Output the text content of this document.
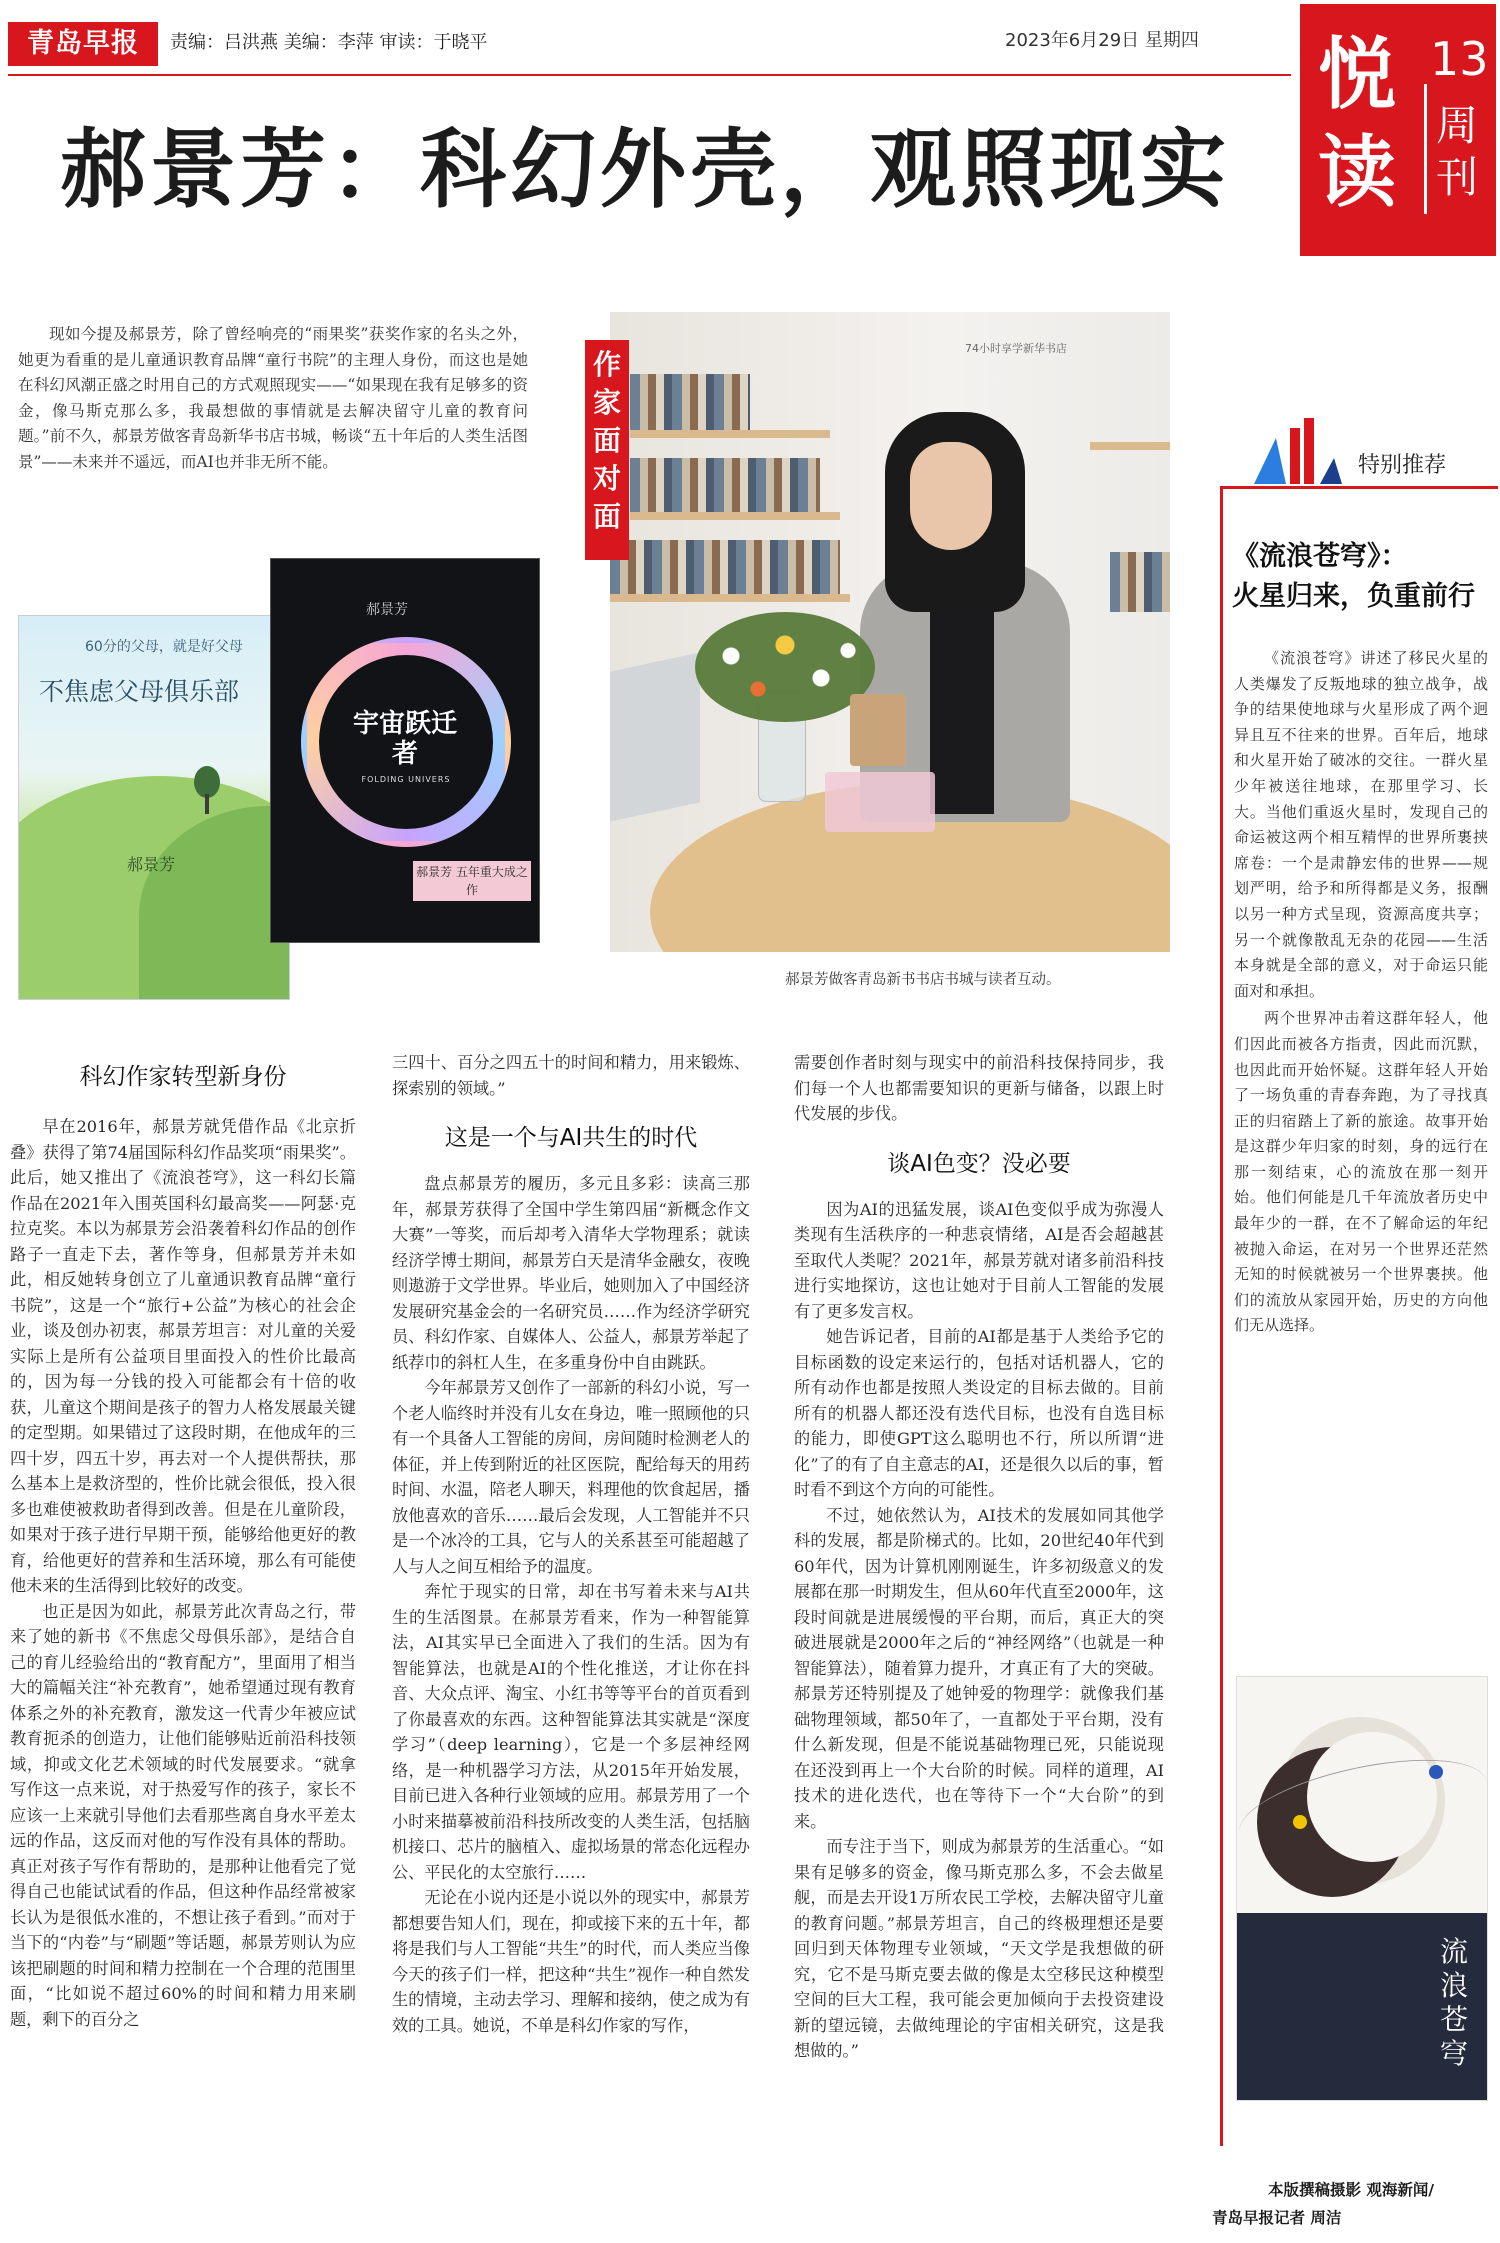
青岛早报	责编：吕洪燕 美编：李萍 审读：于晓平	2023年6月29日 星期四 悦读
13
周刊
郝景芳：科幻外壳，观照现实
现如今提及郝景芳，除了曾经响亮的“雨果奖”获奖作家的名头之外，她更为看重的是儿童通识教育品牌“童行书院”的主理人身份，而这也是她在科幻风潮正盛之时用自己的方式观照现实——“如果现在我有足够多的资金，像马斯克那么多，我最想做的事情就是去解决留守儿童的教育问题。”前不久，郝景芳做客青岛新华书店书城，畅谈“五十年后的人类生活图景”——未来并不遥远，而AI也并非无所不能。
60分的父母，就是好父母
不焦虑父母俱乐部
郝景芳
郝景芳
宇宙跃迁者
FOLDING UNIVERS
郝景芳 五年重大成之作
74小时享学新华书店
作家面对面
郝景芳做客青岛新书书店书城与读者互动。
特别推荐
《流浪苍穹》：
火星归来，负重前行

《流浪苍穹》讲述了移民火星的人类爆发了反叛地球的独立战争，战争的结果使地球与火星形成了两个迥异且互不往来的世界。百年后，地球和火星开始了破冰的交往。一群火星少年被送往地球，在那里学习、长大。当他们重返火星时，发现自己的命运被这两个相互精悍的世界所裹挟席卷：一个是肃静宏伟的世界——规划严明，给予和所得都是义务，报酬以另一种方式呈现，资源高度共享；另一个就像散乱无杂的花园——生活本身就是全部的意义，对于命运只能面对和承担。

两个世界冲击着这群年轻人，他们因此而被各方指责，因此而沉默，也因此而开始怀疑。这群年轻人开始了一场负重的青春奔跑，为了寻找真正的归宿踏上了新的旅途。故事开始是这群少年归家的时刻，身的远行在那一刻结束，心的流放在那一刻开始。他们何能是几千年流放者历史中最年少的一群，在不了解命运的年纪被抛入命运，在对另一个世界还茫然无知的时候就被另一个世界裹挟。他们的流放从家园开始，历史的方向他们无从选择。

流浪苍穹
本版撰稿摄影 观海新闻/
青岛早报记者 周洁
科幻作家转型新身份

早在2016年，郝景芳就凭借作品《北京折叠》获得了第74届国际科幻作品奖项“雨果奖”。此后，她又推出了《流浪苍穹》，这一科幻长篇作品在2021年入围英国科幻最高奖——阿瑟·克拉克奖。本以为郝景芳会沿袭着科幻作品的创作路子一直走下去，著作等身，但郝景芳并未如此，相反她转身创立了儿童通识教育品牌“童行书院”，这是一个“旅行+公益”为核心的社会企业，谈及创办初衷，郝景芳坦言：对儿童的关爱实际上是所有公益项目里面投入的性价比最高的，因为每一分钱的投入可能都会有十倍的收获，儿童这个期间是孩子的智力人格发展最关键的定型期。如果错过了这段时期，在他成年的三四十岁，四五十岁，再去对一个人提供帮扶，那么基本上是救济型的，性价比就会很低，投入很多也难使被救助者得到改善。但是在儿童阶段，如果对于孩子进行早期干预，能够给他更好的教育，给他更好的营养和生活环境，那么有可能使他未来的生活得到比较好的改变。

也正是因为如此，郝景芳此次青岛之行，带来了她的新书《不焦虑父母俱乐部》，是结合自己的育儿经验给出的“教育配方”，里面用了相当大的篇幅关注“补充教育”，她希望通过现有教育体系之外的补充教育，激发这一代青少年被应试教育扼杀的创造力，让他们能够贴近前沿科技领域，抑或文化艺术领域的时代发展要求。“就拿写作这一点来说，对于热爱写作的孩子，家长不应该一上来就引导他们去看那些离自身水平差太远的作品，这反而对他的写作没有具体的帮助。真正对孩子写作有帮助的，是那种让他看完了觉得自己也能试试看的作品，但这种作品经常被家长认为是很低水准的，不想让孩子看到。”而对于当下的“内卷”与“刷题”等话题，郝景芳则认为应该把刷题的时间和精力控制在一个合理的范围里面，“比如说不超过60%的时间和精力用来刷题，剩下的百分之

三四十、百分之四五十的时间和精力，用来锻炼、探索别的领域。”

这是一个与AI共生的时代

盘点郝景芳的履历，多元且多彩：读高三那年，郝景芳获得了全国中学生第四届“新概念作文大赛”一等奖，而后却考入清华大学物理系；就读经济学博士期间，郝景芳白天是清华金融女，夜晚则遨游于文学世界。毕业后，她则加入了中国经济发展研究基金会的一名研究员……作为经济学研究员、科幻作家、自媒体人、公益人，郝景芳举起了纸荐巾的斜杠人生，在多重身份中自由跳跃。

今年郝景芳又创作了一部新的科幻小说，写一个老人临终时并没有儿女在身边，唯一照顾他的只有一个具备人工智能的房间，房间随时检测老人的体征，并上传到附近的社区医院，配给每天的用药时间、水温，陪老人聊天，料理他的饮食起居，播放他喜欢的音乐……最后会发现，人工智能并不只是一个冰冷的工具，它与人的关系甚至可能超越了人与人之间互相给予的温度。

奔忙于现实的日常，却在书写着未来与AI共生的生活图景。在郝景芳看来，作为一种智能算法，AI其实早已全面进入了我们的生活。因为有智能算法，也就是AI的个性化推送，才让你在抖音、大众点评、淘宝、小红书等等平台的首页看到了你最喜欢的东西。这种智能算法其实就是“深度学习”（deep learning），它是一个多层神经网络，是一种机器学习方法，从2015年开始发展，目前已进入各种行业领域的应用。郝景芳用了一个小时来描摹被前沿科技所改变的人类生活，包括脑机接口、芯片的脑植入、虚拟场景的常态化远程办公、平民化的太空旅行……

无论在小说内还是小说以外的现实中，郝景芳都想要告知人们，现在，抑或接下来的五十年，都将是我们与人工智能“共生”的时代，而人类应当像今天的孩子们一样，把这种“共生”视作一种自然发生的情境，主动去学习、理解和接纳，使之成为有效的工具。她说，不单是科幻作家的写作，

需要创作者时刻与现实中的前沿科技保持同步，我们每一个人也都需要知识的更新与储备，以跟上时代发展的步伐。

谈AI色变？没必要

因为AI的迅猛发展，谈AI色变似乎成为弥漫人类现有生活秩序的一种悲哀情绪，AI是否会超越甚至取代人类呢？2021年，郝景芳就对诸多前沿科技进行实地探访，这也让她对于目前人工智能的发展有了更多发言权。

她告诉记者，目前的AI都是基于人类给予它的目标函数的设定来运行的，包括对话机器人，它的所有动作也都是按照人类设定的目标去做的。目前所有的机器人都还没有迭代目标，也没有自选目标的能力，即使GPT这么聪明也不行，所以所谓“进化”了的有了自主意志的AI，还是很久以后的事，暂时看不到这个方向的可能性。

不过，她依然认为，AI技术的发展如同其他学科的发展，都是阶梯式的。比如，20世纪40年代到60年代，因为计算机刚刚诞生，许多初级意义的发展都在那一时期发生，但从60年代直至2000年，这段时间就是进展缓慢的平台期，而后，真正大的突破进展就是2000年之后的“神经网络”（也就是一种智能算法），随着算力提升，才真正有了大的突破。郝景芳还特别提及了她钟爱的物理学：就像我们基础物理领域，都50年了，一直都处于平台期，没有什么新发现，但是不能说基础物理已死，只能说现在还没到再上一个大台阶的时候。同样的道理，AI技术的进化迭代，也在等待下一个“大台阶”的到来。

而专注于当下，则成为郝景芳的生活重心。“如果有足够多的资金，像马斯克那么多，不会去做星舰，而是去开设1万所农民工学校，去解决留守儿童的教育问题。”郝景芳坦言，自己的终极理想还是要回归到天体物理专业领域，“天文学是我想做的研究，它不是马斯克要去做的像是太空移民这种模型空间的巨大工程，我可能会更加倾向于去投资建设新的望远镜，去做纯理论的宇宙相关研究，这是我想做的。”
